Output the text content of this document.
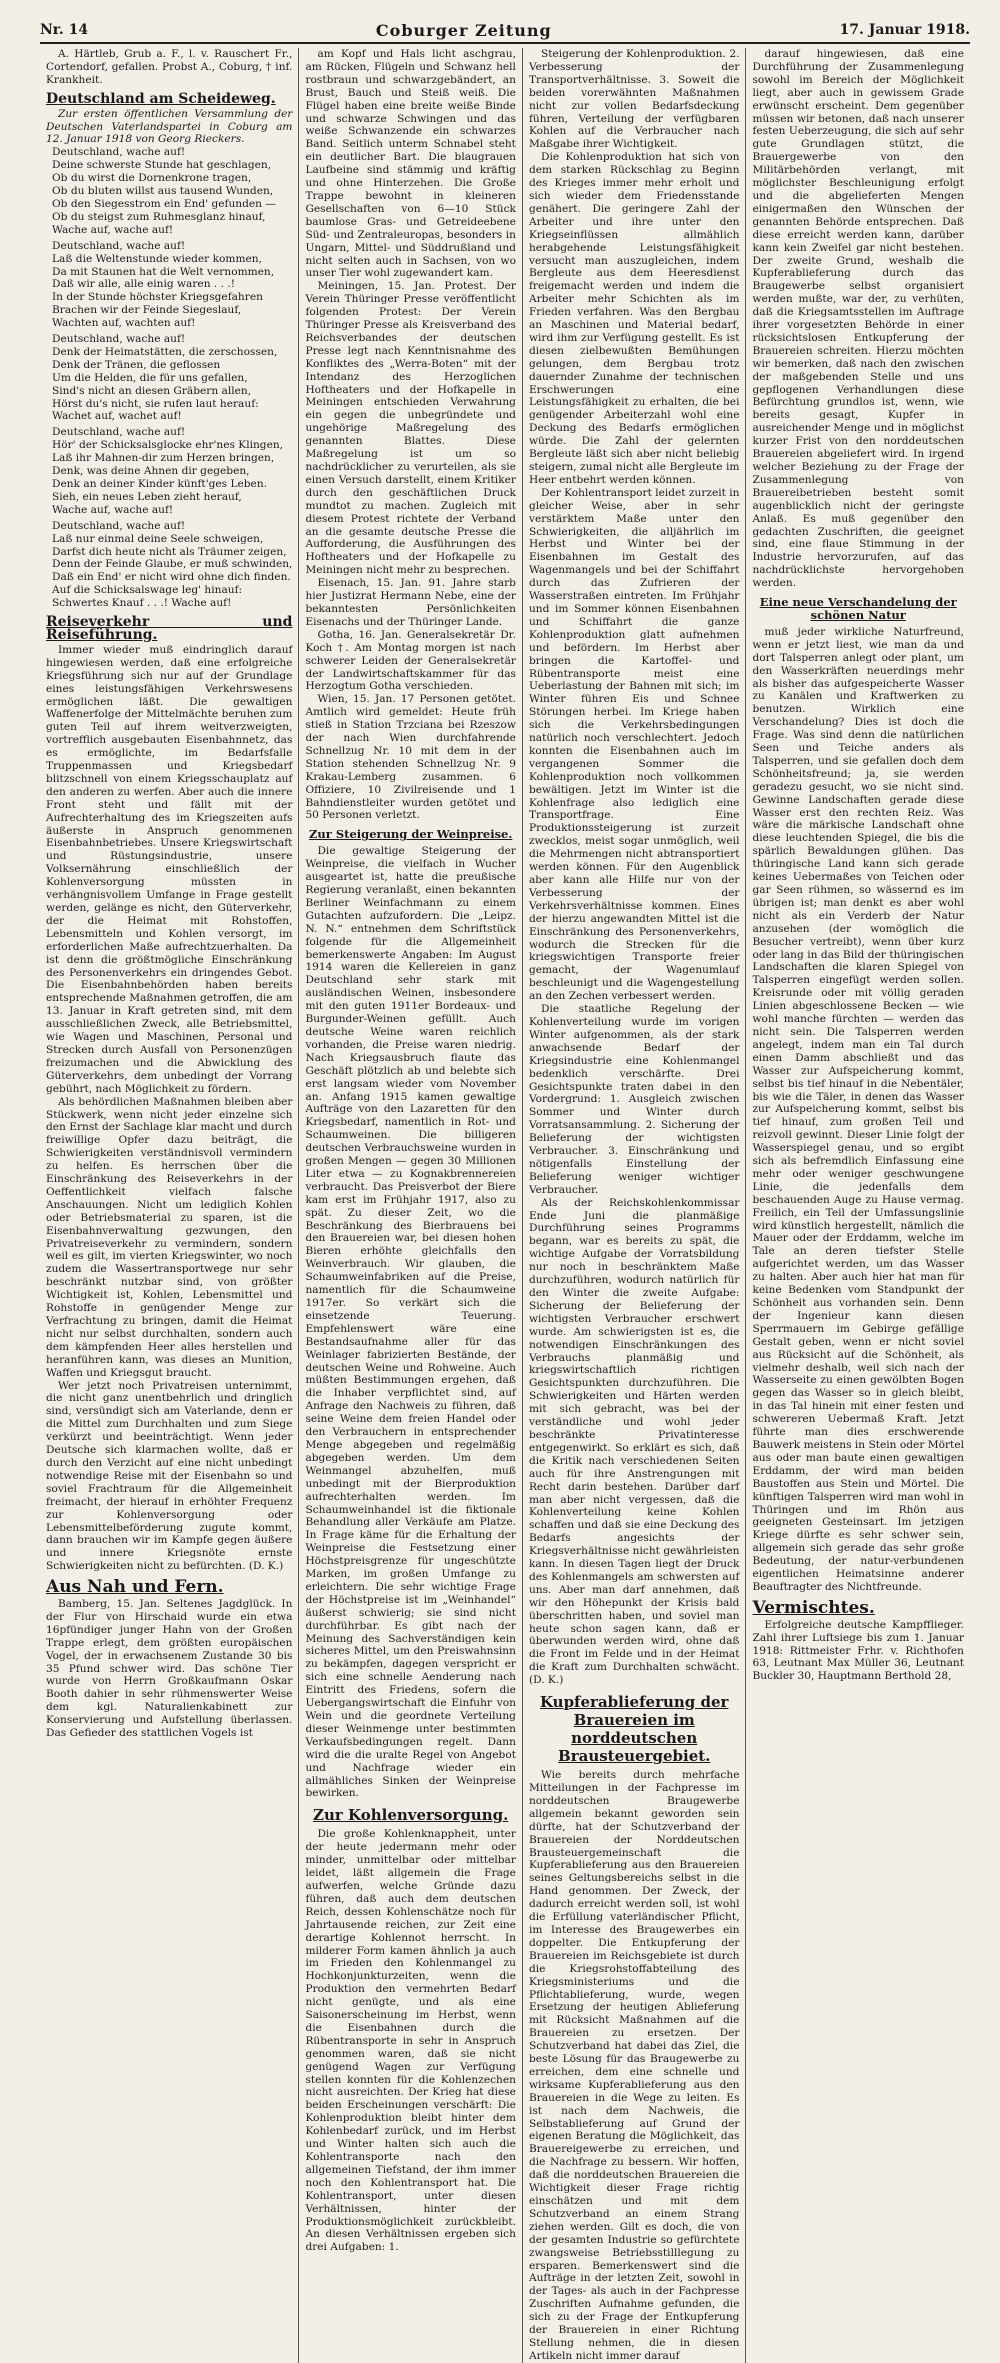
Nr. 14	Coburger Zeitung	17. Januar 1918.

A. Härtleb, Grub a. F., l. v. Rauschert Fr., Cortendorf, gefallen. Probst A., Coburg, † inf. Krankheit.

Deutschland am Scheideweg.

Zur ersten öffentlichen Versammlung der Deutschen Vaterlandspartei in Coburg am 12. Januar 1918 von Georg Rieckers.

Deutschland, wache auf!
Deine schwerste Stunde hat geschlagen,
Ob du wirst die Dornenkrone tragen,
Ob du bluten willst aus tausend Wunden,
Ob den Siegesstrom ein End' gefunden —
Ob du steigst zum Ruhmesglanz hinauf,
Wache auf, wache auf!
Deutschland, wache auf!
Laß die Weltenstunde wieder kommen,
Da mit Staunen hat die Welt vernommen,
Daß wir alle, alle einig waren . . .!
In der Stunde höchster Kriegsgefahren
Brachen wir der Feinde Siegeslauf,
Wachten auf, wachten auf!
Deutschland, wache auf!
Denk der Heimatstätten, die zerschossen,
Denk der Tränen, die geflossen
Um die Helden, die für uns gefallen,
Sind's nicht an diesen Gräbern allen,
Hörst du's nicht, sie rufen laut herauf:
Wachet auf, wachet auf!
Deutschland, wache auf!
Hör' der Schicksalsglocke ehr'nes Klingen,
Laß ihr Mahnen-dir zum Herzen bringen,
Denk, was deine Ahnen dir gegeben,
Denk an deiner Kinder künft'ges Leben.
Sieh, ein neues Leben zieht herauf,
Wache auf, wache auf!
Deutschland, wache auf!
Laß nur einmal deine Seele schweigen,
Darfst dich heute nicht als Träumer zeigen,
Denn der Feinde Glaube, er muß schwinden,
Daß ein End' er nicht wird ohne dich finden.
Auf die Schicksalswage leg' hinauf:
Schwertes Knauf . . .! Wache auf!
Reiseverkehr und Reiseführung.

Immer wieder muß eindringlich darauf hingewiesen werden, daß eine erfolgreiche Kriegsführung sich nur auf der Grundlage eines leistungsfähigen Verkehrswesens ermöglichen läßt. Die gewaltigen Waffenerfolge der Mittelmächte beruhen zum guten Teil auf ihrem weitverzweigten, vortrefflich ausgebauten Eisenbahnnetz, das es ermöglichte, im Bedarfsfalle Truppenmassen und Kriegsbedarf blitzschnell von einem Kriegsschauplatz auf den anderen zu werfen. Aber auch die innere Front steht und fällt mit der Aufrechterhaltung des im Kriegszeiten aufs äußerste in Anspruch genommenen Eisenbahnbetriebes. Unsere Kriegswirtschaft und Rüstungsindustrie, unsere Volksernährung einschließlich der Kohlenversorgung müssten in verhängnisvollem Umfange in Frage gestellt werden, gelänge es nicht, den Güterverkehr, der die Heimat mit Rohstoffen, Lebensmitteln und Kohlen versorgt, im erforderlichen Maße aufrechtzuerhalten. Da ist denn die größtmögliche Einschränkung des Personenverkehrs ein dringendes Gebot. Die Eisenbahnbehörden haben bereits entsprechende Maßnahmen getroffen, die am 13. Januar in Kraft getreten sind, mit dem ausschließlichen Zweck, alle Betriebsmittel, wie Wagen und Maschinen, Personal und Strecken durch Ausfall von Personenzügen freizumachen und die Abwicklung des Güterverkehrs, dem unbedingt der Vorrang gebührt, nach Möglichkeit zu fördern.

Als behördlichen Maßnahmen bleiben aber Stückwerk, wenn nicht jeder einzelne sich den Ernst der Sachlage klar macht und durch freiwillige Opfer dazu beiträgt, die Schwierigkeiten verständnisvoll vermindern zu helfen. Es herrschen über die Einschränkung des Reiseverkehrs in der Oeffentlichkeit vielfach falsche Anschauungen. Nicht um lediglich Kohlen oder Betriebsmaterial zu sparen, ist die Eisenbahnverwaltung gezwungen, den Privatreiseverkehr zu vermindern, sondern weil es gilt, im vierten Kriegswinter, wo noch zudem die Wassertransportwege nur sehr beschränkt nutzbar sind, von größter Wichtigkeit ist, Kohlen, Lebensmittel und Rohstoffe in genügender Menge zur Verfrachtung zu bringen, damit die Heimat nicht nur selbst durchhalten, sondern auch dem kämpfenden Heer alles herstellen und heranführen kann, was dieses an Munition, Waffen und Kriegsgut braucht.

Wer jetzt noch Privatreisen unternimmt, die nicht ganz unentbehrlich und dringlich sind, versündigt sich am Vaterlande, denn er die Mittel zum Durchhalten und zum Siege verkürzt und beeinträchtigt. Wenn jeder Deutsche sich klarmachen wollte, daß er durch den Verzicht auf eine nicht unbedingt notwendige Reise mit der Eisenbahn so und soviel Frachtraum für die Allgemeinheit freimacht, der hierauf in erhöhter Frequenz zur Kohlenversorgung oder Lebensmittelbeförderung zugute kommt, dann brauchen wir im Kampfe gegen äußere und innere Kriegsnöte ernste Schwierigkeiten nicht zu befürchten. (D. K.)

Aus Nah und Fern.

Bamberg, 15. Jan. Seltenes Jagdglück. In der Flur von Hirschaid wurde ein etwa 16pfündiger junger Hahn von der Großen Trappe erlegt, dem größten europäischen Vogel, der in erwachsenem Zustande 30 bis 35 Pfund schwer wird. Das schöne Tier wurde von Herrn Großkaufmann Oskar Booth dahier in sehr rühmenswerter Weise dem kgl. Naturalienkabinett zur Konservierung und Aufstellung überlassen. Das Gefieder des stattlichen Vogels ist

am Kopf und Hals licht aschgrau, am Rücken, Flügeln und Schwanz hell rostbraun und schwarzgebändert, an Brust, Bauch und Steiß weiß. Die Flügel haben eine breite weiße Binde und schwarze Schwingen und das weiße Schwanzende ein schwarzes Band. Seitlich unterm Schnabel steht ein deutlicher Bart. Die blaugrauen Laufbeine sind stämmig und kräftig und ohne Hinterzehen. Die Große Trappe bewohnt in kleineren Gesellschaften von 6—10 Stück baumlose Gras- und Getreideebene Süd- und Zentraleuropas, besonders in Ungarn, Mittel- und Süddrußland und nicht selten auch in Sachsen, von wo unser Tier wohl zugewandert kam.

Meiningen, 15. Jan. Protest. Der Verein Thüringer Presse veröffentlicht folgenden Protest: Der Verein Thüringer Presse als Kreisverband des Reichsverbandes der deutschen Presse legt nach Kenntnisnahme des Konfliktes des „Werra-Boten“ mit der Intendanz des Herzoglichen Hoftheaters und der Hofkapelle in Meiningen entschieden Verwahrung ein gegen die unbegründete und ungehörige Maßregelung des genannten Blattes. Diese Maßregelung ist um so nachdrücklicher zu verurteilen, als sie einen Versuch darstellt, einem Kritiker durch den geschäftlichen Druck mundtot zu machen. Zugleich mit diesem Protest richtete der Verband an die gesamte deutsche Presse die Aufforderung, die Ausführungen des Hoftheaters und der Hofkapelle zu Meiningen nicht mehr zu besprechen.

Eisenach, 15. Jan. 91. Jahre starb hier Justizrat Hermann Nebe, eine der bekanntesten Persönlichkeiten Eisenachs und der Thüringer Lande.

Gotha, 16. Jan. Generalsekretär Dr. Koch †. Am Montag morgen ist nach schwerer Leiden der Generalsekretär der Landwirtschaftskammer für das Herzogtum Gotha verschieden.

Wien, 15. Jan. 17 Personen getötet. Amtlich wird gemeldet: Heute früh stieß in Station Trzciana bei Rzeszow der nach Wien durchfahrende Schnellzug Nr. 10 mit dem in der Station stehenden Schnellzug Nr. 9 Krakau-Lemberg zusammen. 6 Offiziere, 10 Zivilreisende und 1 Bahndienstleiter wurden getötet und 50 Personen verletzt.

Zur Steigerung der Weinpreise.

Die gewaltige Steigerung der Weinpreise, die vielfach in Wucher ausgeartet ist, hatte die preußische Regierung veranlaßt, einen bekannten Berliner Weinfachmann zu einem Gutachten aufzufordern. Die „Leipz. N. N.“ entnehmen dem Schriftstück folgende für die Allgemeinheit bemerkenswerte Angaben: Im August 1914 waren die Kellereien in ganz Deutschland sehr stark mit ausländischen Weinen, insbesondere mit den guten 1911er Bordeaux- und Burgunder-Weinen gefüllt. Auch deutsche Weine waren reichlich vorhanden, die Preise waren niedrig. Nach Kriegsausbruch flaute das Geschäft plötzlich ab und belebte sich erst langsam wieder vom November an. Anfang 1915 kamen gewaltige Aufträge von den Lazaretten für den Kriegsbedarf, namentlich in Rot- und Schaumweinen. Die billigeren deutschen Verbrauchsweine wurden in großen Mengen — gegen 30 Millionen Liter etwa — zu Kognakbrennereien verbraucht. Das Preisverbot der Biere kam erst im Frühjahr 1917, also zu spät. Zu dieser Zeit, wo die Beschränkung des Bierbrauens bei den Brauereien war, bei diesen hohen Bieren erhöhte gleichfalls den Weinverbrauch. Wir glauben, die Schaumweinfabriken auf die Preise, namentlich für die Schaumweine 1917er. So verkärt sich die einsetzende Teuerung. Empfehlenswert wäre eine Bestandsaufnahme aller für das Weinlager fabrizierten Bestände, der deutschen Weine und Rohweine. Auch müßten Bestimmungen ergehen, daß die Inhaber verpflichtet sind, auf Anfrage den Nachweis zu führen, daß seine Weine dem freien Handel oder den Verbrauchern in entsprechender Menge abgegeben und regelmäßig abgegeben werden. Um dem Weinmangel abzuhelfen, muß unbedingt mit der Bierproduktion aufrechterhalten werden. Im Schaumweinhandel ist die fiktionale Behandlung aller Verkäufe am Platze. In Frage käme für die Erhaltung der Weinpreise die Festsetzung einer Höchstpreisgrenze für ungeschützte Marken, im großen Umfange zu erleichtern. Die sehr wichtige Frage der Höchstpreise ist im „Weinhandel“ äußerst schwierig; sie sind nicht durchführbar. Es gibt nach der Meinung des Sachverständigen kein sicheres Mittel, um den Preiswahnsinn zu bekämpfen, dagegen verspricht er sich eine schnelle Aenderung nach Eintritt des Friedens, sofern die Uebergangswirtschaft die Einfuhr von Wein und die geordnete Verteilung dieser Weinmenge unter bestimmten Verkaufsbedingungen regelt. Dann wird die die uralte Regel von Angebot und Nachfrage wieder ein allmähliches Sinken der Weinpreise bewirken.

Zur Kohlenversorgung.

Die große Kohlenknappheit, unter der heute jedermann mehr oder minder, unmittelbar oder mittelbar leidet, läßt allgemein die Frage aufwerfen, welche Gründe dazu führen, daß auch dem deutschen Reich, dessen Kohlenschätze noch für Jahrtausende reichen, zur Zeit eine derartige Kohlennot herrscht. In milderer Form kamen ähnlich ja auch im Frieden den Kohlenmangel zu Hochkonjunkturzeiten, wenn die Produktion den vermehrten Bedarf nicht genügte, und als eine Saisonerscheinung im Herbst, wenn die Eisenbahnen durch die Rübentransporte in sehr in Anspruch genommen waren, daß sie nicht genügend Wagen zur Verfügung stellen konnten für die Kohlenzechen nicht ausreichten. Der Krieg hat diese beiden Erscheinungen verschärft: Die Kohlenproduktion bleibt hinter dem Kohlenbedarf zurück, und im Herbst und Winter halten sich auch die Kohlentransporte nach den allgemeinen Tiefstand, der ihm immer noch den Kohlentransport hat. Die Kohlentransport, unter diesen Verhältnissen, hinter der Produktionsmöglichkeit zurückbleibt. An diesen Verhältnissen ergeben sich drei Aufgaben: 1.

Steigerung der Kohlenproduktion. 2. Verbesserung der Transportverhältnisse. 3. Soweit die beiden vorerwähnten Maßnahmen nicht zur vollen Bedarfsdeckung führen, Verteilung der verfügbaren Kohlen auf die Verbraucher nach Maßgabe ihrer Wichtigkeit.

Die Kohlenproduktion hat sich von dem starken Rückschlag zu Beginn des Krieges immer mehr erholt und sich wieder dem Friedensstande genähert. Die geringere Zahl der Arbeiter und ihre unter den Kriegseinflüssen allmählich herabgehende Leistungsfähigkeit versucht man auszugleichen, indem Bergleute aus dem Heeresdienst freigemacht werden und indem die Arbeiter mehr Schichten als im Frieden verfahren. Was den Bergbau an Maschinen und Material bedarf, wird ihm zur Verfügung gestellt. Es ist diesen zielbewußten Bemühungen gelungen, dem Bergbau trotz dauernder Zunahme der technischen Erschwerungen eine Leistungsfähigkeit zu erhalten, die bei genügender Arbeiterzahl wohl eine Deckung des Bedarfs ermöglichen würde. Die Zahl der gelernten Bergleute läßt sich aber nicht beliebig steigern, zumal nicht alle Bergleute im Heer entbehrt werden können.

Der Kohlentransport leidet zurzeit in gleicher Weise, aber in sehr verstärktem Maße unter den Schwierigkeiten, die alljährlich im Herbst und Winter bei der Eisenbahnen im Gestalt des Wagenmangels und bei der Schiffahrt durch das Zufrieren der Wasserstraßen eintreten. Im Frühjahr und im Sommer können Eisenbahnen und Schiffahrt die ganze Kohlenproduktion glatt aufnehmen und befördern. Im Herbst aber bringen die Kartoffel- und Rübentransporte meist eine Ueberlastung der Bahnen mit sich; im Winter führen Eis und Schnee Störungen herbei. Im Kriege haben sich die Verkehrsbedingungen natürlich noch verschlechtert. Jedoch konnten die Eisenbahnen auch im vergangenen Sommer die Kohlenproduktion noch vollkommen bewältigen. Jetzt im Winter ist die Kohlenfrage also lediglich eine Transportfrage. Eine Produktionssteigerung ist zurzeit zwecklos, meist sogar unmöglich, weil die Mehrmengen nicht abtransportiert werden können. Für den Augenblick aber kann alle Hilfe nur von der Verbesserung der Verkehrsverhältnisse kommen. Eines der hierzu angewandten Mittel ist die Einschränkung des Personenverkehrs, wodurch die Strecken für die kriegswichtigen Transporte freier gemacht, der Wagenumlauf beschleunigt und die Wagengestellung an den Zechen verbessert werden.

Die staatliche Regelung der Kohlenverteilung wurde im vorigen Winter aufgenommen, als der stark anwachsende Bedarf der Kriegsindustrie eine Kohlenmangel bedenklich verschärfte. Drei Gesichtspunkte traten dabei in den Vordergrund: 1. Ausgleich zwischen Sommer und Winter durch Vorratsansammlung. 2. Sicherung der Belieferung der wichtigsten Verbraucher. 3. Einschränkung und nötigenfalls Einstellung der Belieferung weniger wichtiger Verbraucher.

Als der Reichskohlenkommissar Ende Juni die planmäßige Durchführung seines Programms begann, war es bereits zu spät, die wichtige Aufgabe der Vorratsbildung nur noch in beschränktem Maße durchzuführen, wodurch natürlich für den Winter die zweite Aufgabe: Sicherung der Belieferung der wichtigsten Verbraucher erschwert wurde. Am schwierigsten ist es, die notwendigen Einschränkungen des Verbrauchs planmäßig und kriegswirtschaftlich richtigen Gesichtspunkten durchzuführen. Die Schwierigkeiten und Härten werden mit sich gebracht, was bei der verständliche und wohl jeder beschränkte Privatinteresse entgegenwirkt. So erklärt es sich, daß die Kritik nach verschiedenen Seiten auch für ihre Anstrengungen mit Recht darin bestehen. Darüber darf man aber nicht vergessen, daß die Kohlenverteilung keine Kohlen schaffen und daß sie eine Deckung des Bedarfs angesichts der Kriegsverhältnisse nicht gewährleisten kann. In diesen Tagen liegt der Druck des Kohlenmangels am schwersten auf uns. Aber man darf annehmen, daß wir den Höhepunkt der Krisis bald überschritten haben, und soviel man heute schon sagen kann, daß er überwunden werden wird, ohne daß die Front im Felde und in der Heimat die Kraft zum Durchhalten schwächt. (D. K.)

Kupferablieferung der Brauereien im norddeutschen Brausteuergebiet.

Wie bereits durch mehrfache Mitteilungen in der Fachpresse im norddeutschen Braugewerbe allgemein bekannt geworden sein dürfte, hat der Schutzverband der Brauereien der Norddeutschen Brausteuergemeinschaft die Kupferablieferung aus den Brauereien seines Geltungsbereichs selbst in die Hand genommen. Der Zweck, der dadurch erreicht werden soll, ist wohl die Erfüllung vaterländischer Pflicht, im Interesse des Braugewerbes ein doppelter. Die Entkupferung der Brauereien im Reichsgebiete ist durch die Kriegsrohstoffabteilung des Kriegsministeriums und die Pflichtablieferung, wurde, wegen Ersetzung der heutigen Ablieferung mit Rücksicht Maßnahmen auf die Brauereien zu ersetzen. Der Schutzverband hat dabei das Ziel, die beste Lösung für das Braugewerbe zu erreichen, dem eine schnelle und wirksame Kupferablieferung aus den Brauereien in die Wege zu leiten. Es ist nach dem Nachweis, die Selbstablieferung auf Grund der eigenen Beratung die Möglichkeit, das Brauereigewerbe zu erreichen, und die Nachfrage zu bessern. Wir hoffen, daß die norddeutschen Brauereien die Wichtigkeit dieser Frage richtig einschätzen und mit dem Schutzverband an einem Strang ziehen werden. Gilt es doch, die von der gesamten Industrie so gefürchtete zwangsweise Betriebsstilllegung zu ersparen. Bemerkenswert sind die Aufträge in der letzten Zeit, sowohl in der Tages- als auch in der Fachpresse Zuschriften Aufnahme gefunden, die sich zu der Frage der Entkupferung der Brauereien in einer Richtung Stellung nehmen, die in diesen Artikeln nicht immer darauf

darauf hingewiesen, daß eine Durchführung der Zusammenlegung sowohl im Bereich der Möglichkeit liegt, aber auch in gewissem Grade erwünscht erscheint. Dem gegenüber müssen wir betonen, daß nach unserer festen Ueberzeugung, die sich auf sehr gute Grundlagen stützt, die Brauergewerbe von den Militärbehörden verlangt, mit möglichster Beschleunigung erfolgt und die abgelieferten Mengen einigermaßen den Wünschen der genannten Behörde entsprechen. Daß diese erreicht werden kann, darüber kann kein Zweifel gar nicht bestehen. Der zweite Grund, weshalb die Kupferablieferung durch das Braugewerbe selbst organisiert werden mußte, war der, zu verhüten, daß die Kriegsamtsstellen im Auftrage ihrer vorgesetzten Behörde in einer rücksichtslosen Entkupferung der Brauereien schreiten. Hierzu möchten wir bemerken, daß nach den zwischen der maßgebenden Stelle und uns gepflogenen Verhandlungen diese Befürchtung grundlos ist, wenn, wie bereits gesagt, Kupfer in ausreichender Menge und in möglichst kurzer Frist von den norddeutschen Brauereien abgeliefert wird. In irgend welcher Beziehung zu der Frage der Zusammenlegung von Brauereibetrieben besteht somit augenblicklich nicht der geringste Anlaß. Es muß gegenüber den gedachten Zuschriften, die geeignet sind, eine flaue Stimmung in der Industrie hervorzurufen, auf das nachdrücklichste hervorgehoben werden.

Eine neue Verschandelung der schönen Natur

muß jeder wirkliche Naturfreund, wenn er jetzt liest, wie man da und dort Talsperren anlegt oder plant, um den Wasserkräften neuerdings mehr als bisher das aufgespeicherte Wasser zu Kanälen und Kraftwerken zu benutzen. Wirklich eine Verschandelung? Dies ist doch die Frage. Was sind denn die natürlichen Seen und Teiche anders als Talsperren, und sie gefallen doch dem Schönheitsfreund; ja, sie werden geradezu gesucht, wo sie nicht sind. Gewinne Landschaften gerade diese Wasser erst den rechten Reiz. Was wäre die märkische Landschaft ohne diese leuchtenden Spiegel, die bis die spärlich Bewaldungen glühen. Das thüringische Land kann sich gerade keines Uebermaßes von Teichen oder gar Seen rühmen, so wässernd es im übrigen ist; man denkt es aber wohl nicht als ein Verderb der Natur anzusehen (der womöglich die Besucher vertreibt), wenn über kurz oder lang in das Bild der thüringischen Landschaften die klaren Spiegel von Talsperren eingefügt werden sollen. Kreisrunde oder mit völlig geraden Linien abgeschlossene Becken — wie wohl manche fürchten — werden das nicht sein. Die Talsperren werden angelegt, indem man ein Tal durch einen Damm abschließt und das Wasser zur Aufspeicherung kommt, selbst bis tief hinauf in die Nebentäler, bis wie die Täler, in denen das Wasser zur Aufspeicherung kommt, selbst bis tief hinauf, zum großen Teil und reizvoll gewinnt. Dieser Linie folgt der Wasserspiegel genau, und so ergibt sich als befremdlich Einfassung eine mehr oder weniger geschwungene Linie, die jedenfalls dem beschauenden Auge zu Hause vermag. Freilich, ein Teil der Umfassungslinie wird künstlich hergestellt, nämlich die Mauer oder der Erddamm, welche im Tale an deren tiefster Stelle aufgerichtet werden, um das Wasser zu halten. Aber auch hier hat man für keine Bedenken vom Standpunkt der Schönheit aus vorhanden sein. Denn der Ingenieur kann diesen Sperrmauern im Gebirge gefällige Gestalt geben, wenn er nicht soviel aus Rücksicht auf die Schönheit, als vielmehr deshalb, weil sich nach der Wasserseite zu einen gewölbten Bogen gegen das Wasser so in gleich bleibt, in das Tal hinein mit einer festen und schwereren Uebermaß Kraft. Jetzt führte man dies erschwerende Bauwerk meistens in Stein oder Mörtel aus oder man baute einen gewaltigen Erddamm, der wird man beiden Baustoffen aus Stein und Mörtel. Die künftigen Talsperren wird man wohl in Thüringen und im Rhön aus geeigneten Gesteinsart. Im jetzigen Kriege dürfte es sehr schwer sein, allgemein sich gerade das sehr große Bedeutung, der natur-verbundenen eigentlichen Heimatsinne anderer Beauftragter des Nichtfreunde.

Vermischtes.

Erfolgreiche deutsche Kampfflieger. Zahl ihrer Luftsiege bis zum 1. Januar 1918: Rittmeister Frhr. v. Richthofen 63, Leutnant Max Müller 36, Leutnant Buckler 30, Hauptmann Berthold 28,
